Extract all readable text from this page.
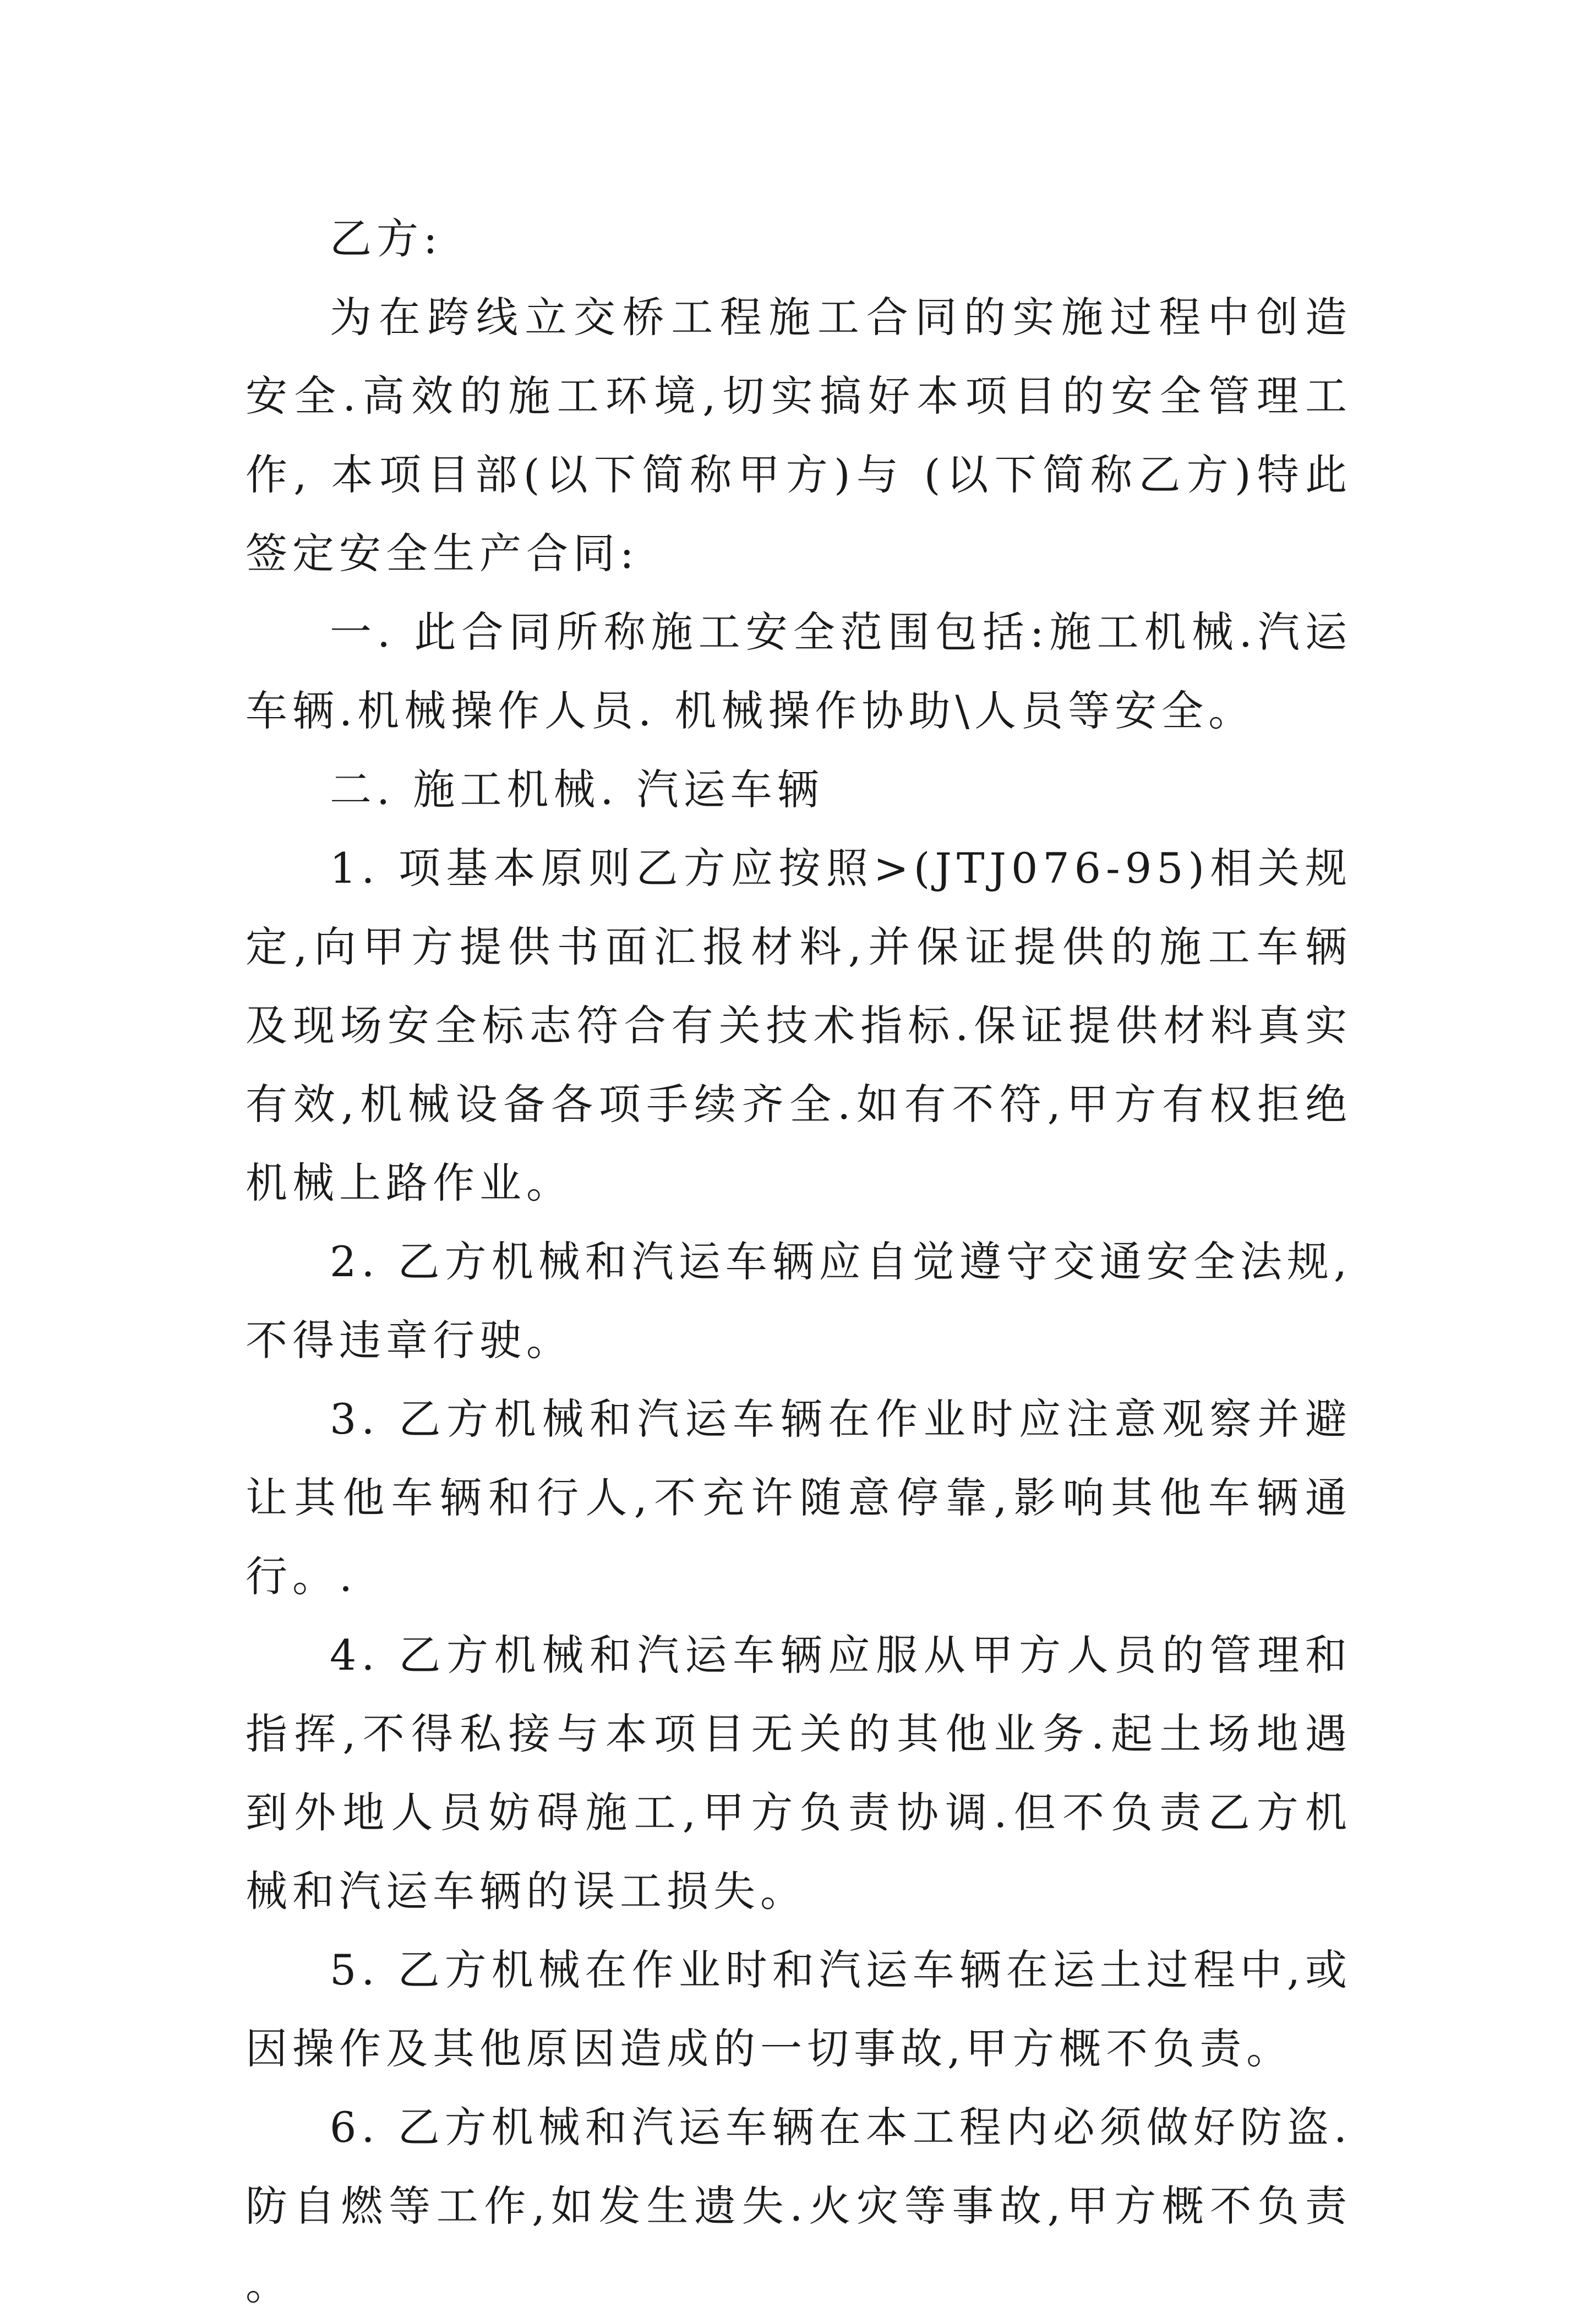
乙方:

为在跨线立交桥工程施工合同的实施过程中创造安全.高效的施工环境,切实搞好本项目的安全管理工作, 本项目部(以下简称甲方)与 (以下简称乙方)特此签定安全生产合同:

一. 此合同所称施工安全范围包括:施工机械.汽运车辆.机械操作人员. 机械操作协助\人员等安全。

二. 施工机械. 汽运车辆

1. 项基本原则乙方应按照>(JTJ076-95)相关规定,向甲方提供书面汇报材料,并保证提供的施工车辆及现场安全标志符合有关技术指标.保证提供材料真实有效,机械设备各项手续齐全.如有不符,甲方有权拒绝机械上路作业。

2. 乙方机械和汽运车辆应自觉遵守交通安全法规,不得违章行驶。

3. 乙方机械和汽运车辆在作业时应注意观察并避让其他车辆和行人,不充许随意停靠,影响其他车辆通行。.

4. 乙方机械和汽运车辆应服从甲方人员的管理和指挥,不得私接与本项目无关的其他业务.起土场地遇到外地人员妨碍施工,甲方负责协调.但不负责乙方机械和汽运车辆的误工损失。

5. 乙方机械在作业时和汽运车辆在运土过程中,或因操作及其他原因造成的一切事故,甲方概不负责。

6. 乙方机械和汽运车辆在本工程内必须做好防盗.防自燃等工作,如发生遗失.火灾等事故,甲方概不负责。
